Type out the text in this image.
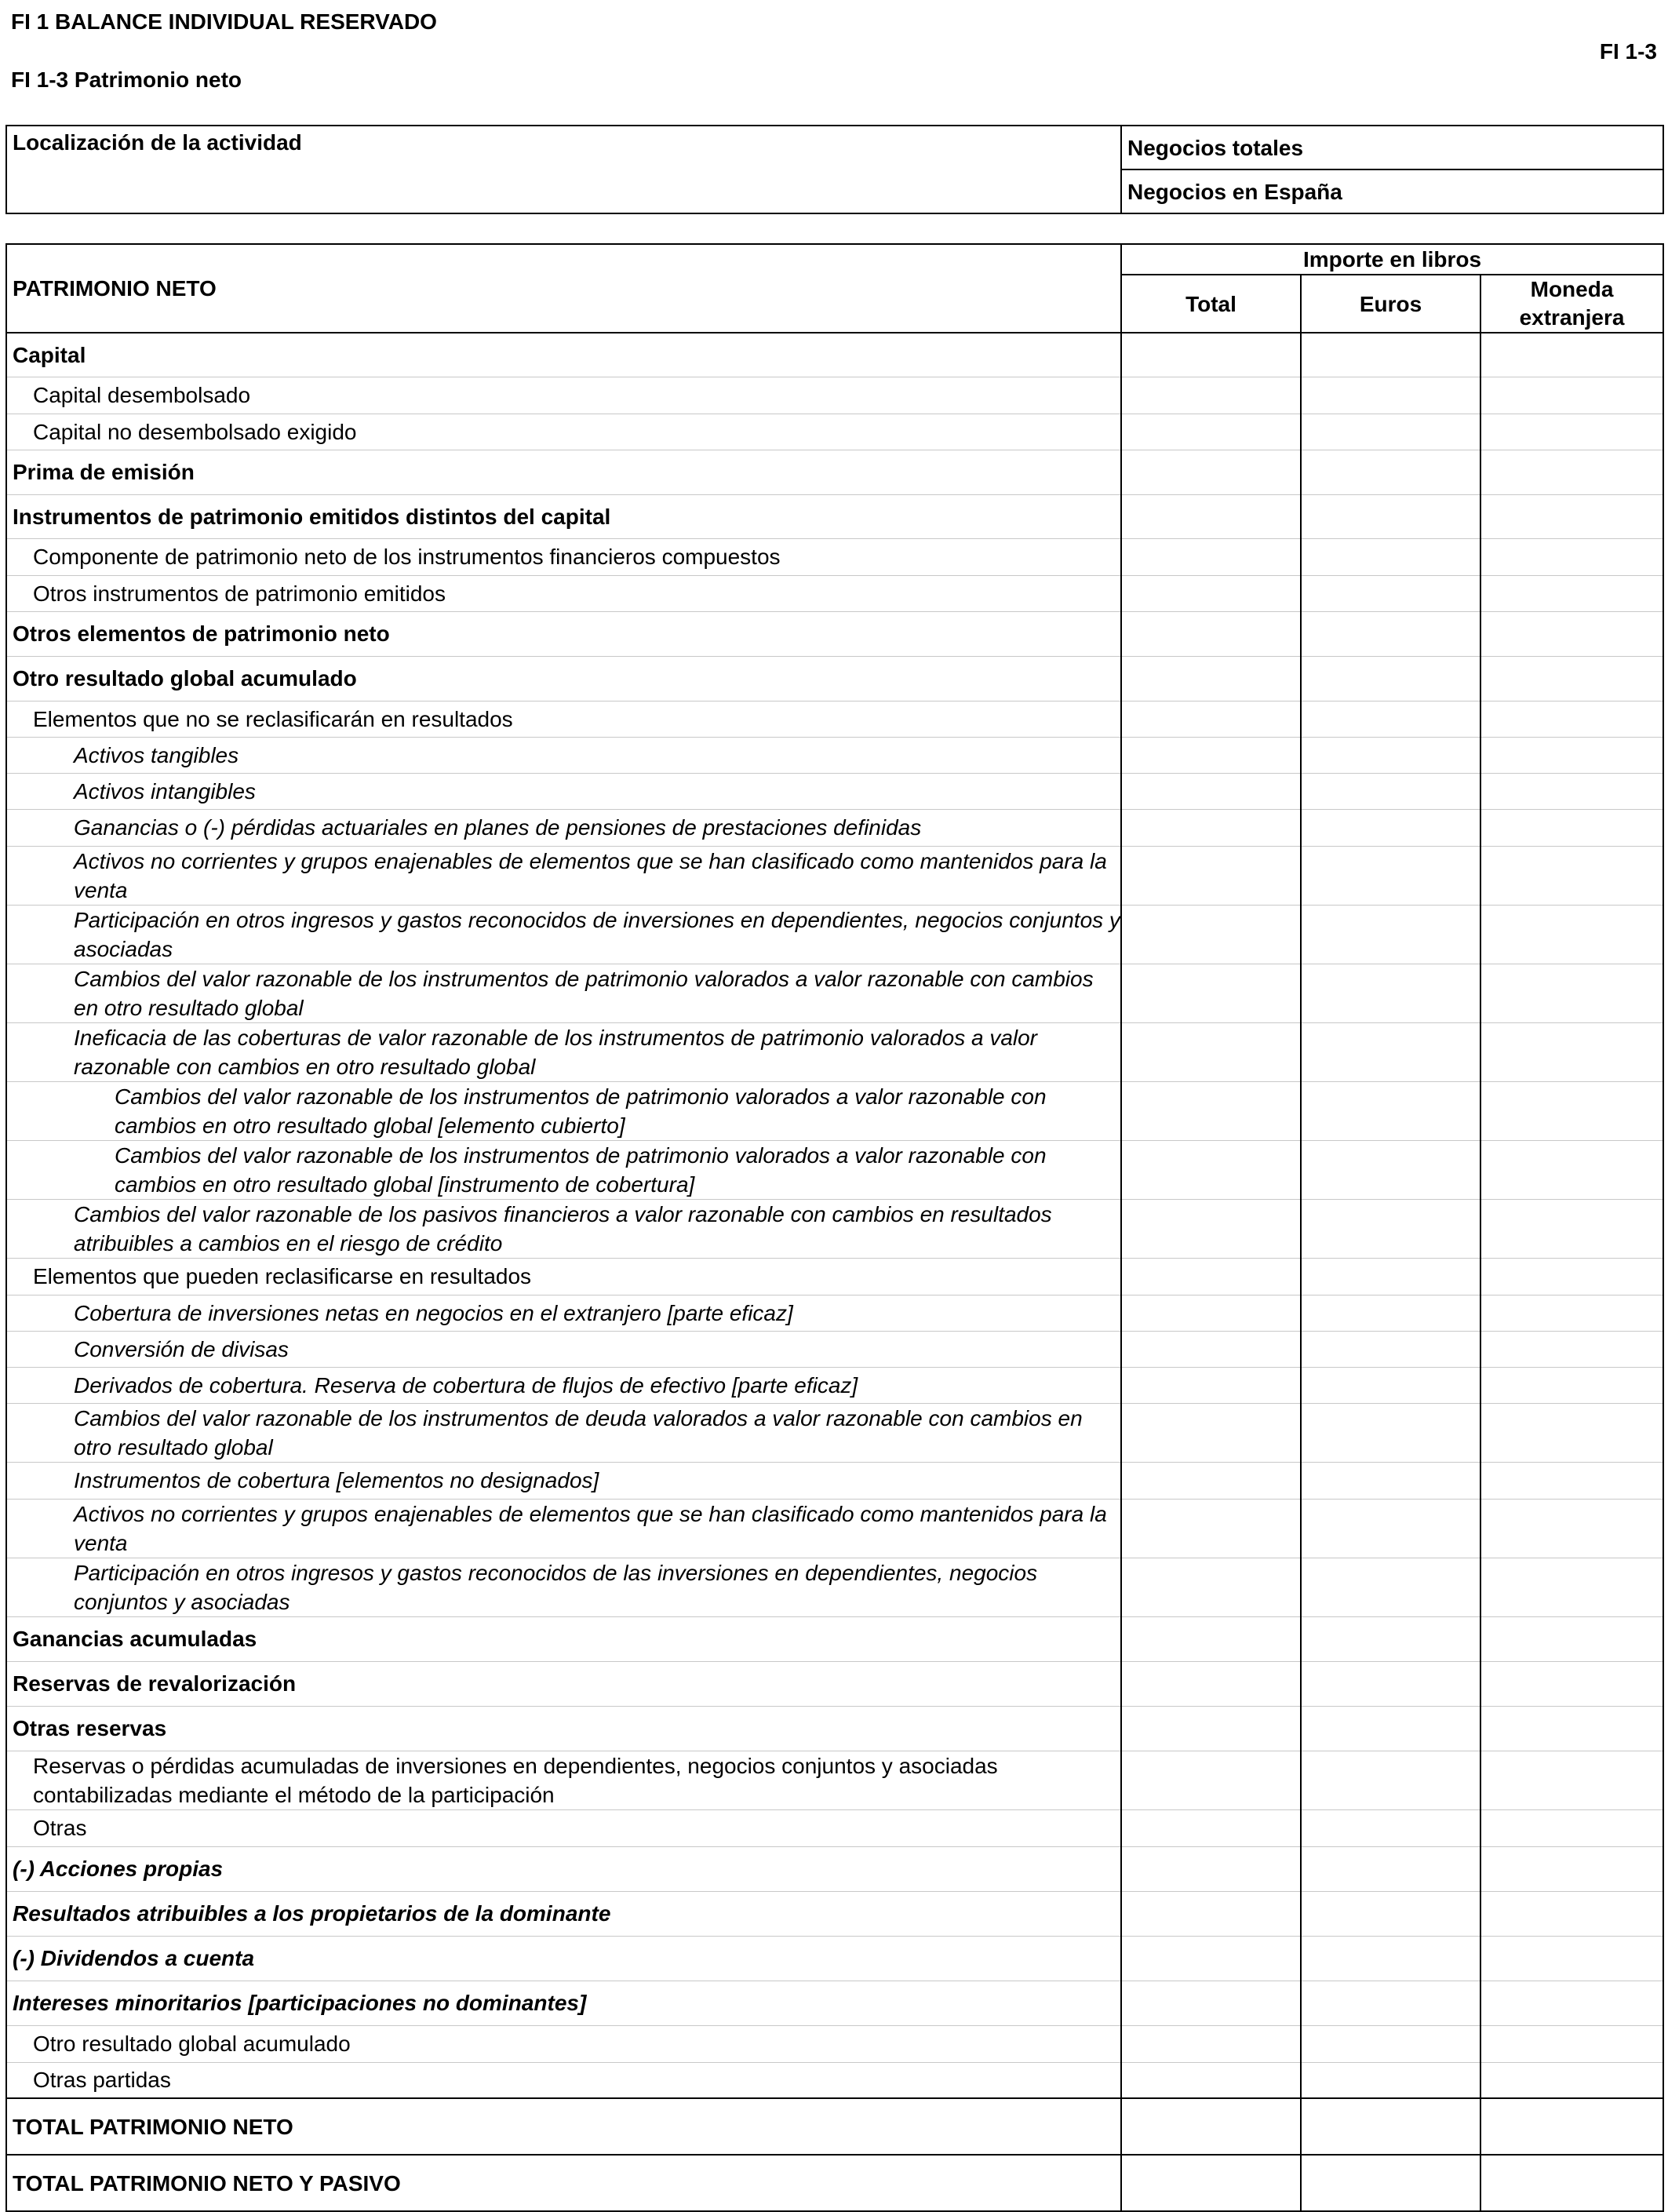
FI 1 BALANCE INDIVIDUAL RESERVADO
FI 1-3
FI 1-3 Patrimonio neto
Localización de la actividad	Negocios totales
Negocios en España
PATRIMONIO NETO	Importe en libros		
	Total	Euros	Moneda
extranjera
Capital			
Capital desembolsado			
Capital no desembolsado exigido			
Prima de emisión			
Instrumentos de patrimonio emitidos distintos del capital			
Componente de patrimonio neto de los instrumentos financieros compuestos			
Otros instrumentos de patrimonio emitidos			
Otros elementos de patrimonio neto			
Otro resultado global acumulado			
Elementos que no se reclasificarán en resultados			
Activos tangibles			
Activos intangibles			
Ganancias o (-) pérdidas actuariales en planes de pensiones de prestaciones definidas			
Activos no corrientes y grupos enajenables de elementos que se han clasificado como mantenidos para la venta			
Participación en otros ingresos y gastos reconocidos de inversiones en dependientes, negocios conjuntos y asociadas			
Cambios del valor razonable de los instrumentos de patrimonio valorados a valor razonable con cambios en otro resultado global			
Ineficacia de las coberturas de valor razonable de los instrumentos de patrimonio valorados a valor razonable con cambios en otro resultado global			
Cambios del valor razonable de los instrumentos de patrimonio valorados a valor razonable con cambios en otro resultado global [elemento cubierto]			
Cambios del valor razonable de los instrumentos de patrimonio valorados a valor razonable con cambios en otro resultado global [instrumento de cobertura]			
Cambios del valor razonable de los pasivos financieros a valor razonable con cambios en resultados atribuibles a cambios en el riesgo de crédito			
Elementos que pueden reclasificarse en resultados			
Cobertura de inversiones netas en negocios en el extranjero [parte eficaz]			
Conversión de divisas			
Derivados de cobertura. Reserva de cobertura de flujos de efectivo [parte eficaz]			
Cambios del valor razonable de los instrumentos de deuda valorados a valor razonable con cambios en otro resultado global			
Instrumentos de cobertura [elementos no designados]			
Activos no corrientes y grupos enajenables de elementos que se han clasificado como mantenidos para la venta			
Participación en otros ingresos y gastos reconocidos de las inversiones en dependientes, negocios conjuntos y asociadas			
Ganancias acumuladas			
Reservas de revalorización			
Otras reservas			
Reservas o pérdidas acumuladas de inversiones en dependientes, negocios conjuntos y asociadas contabilizadas mediante el método de la participación			
Otras			
(-) Acciones propias			
Resultados atribuibles a los propietarios de la dominante			
(-) Dividendos a cuenta			
Intereses minoritarios [participaciones no dominantes]			
Otro resultado global acumulado			
Otras partidas			
TOTAL PATRIMONIO NETO			
TOTAL PATRIMONIO NETO Y PASIVO			
